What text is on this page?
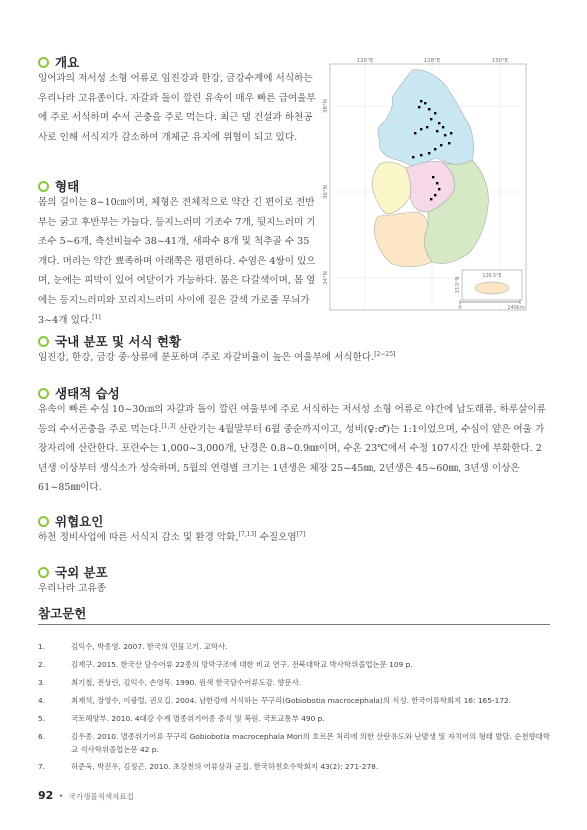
개요
잉어과의 저서성 소형 어류로 임진강과 한강, 금강수계에 서식하는 우리나라 고유종이다. 자갈과 돌이 깔린 유속이 매우 빠른 급여울부에 주로 서식하며 수서 곤충을 주로 먹는다. 최근 댐 건설과 하천공사로 인해 서식지가 감소하여 개체군 유지에 위협이 되고 있다.
형태
몸의 길이는 8~10㎝이며, 체형은 전체적으로 약간 긴 편이로 전반부는 굵고 후반부는 가늘다. 등지느러미 기조수 7개, 뒷지느러미 기조수 5~6개, 측선비늘수 38~41개, 새파수 8개 및 척추골 수 35개다. 머리는 약간 뾰족하며 아래쪽은 평편하다. 수염은 4쌍이 있으며, 눈에는 피막이 있어 여닫이가 가능하다. 몸은 다갈색이며, 몸 옆에는 등지느러미와 꼬리지느러미 사이에 짙은 갈색 가로줄 무늬가 3~4개 있다.[1]
126°E	128°E	130°E
38°N
36°N
34°N	126.5°E
33.5°N
0	140km
국내 분포 및 서식 현황
임진강, 한강, 금강 중·상류에 분포하며 주로 자갈비율이 높은 여울부에 서식한다.[2~25]
생태적 습성
유속이 빠른 수심 10~30㎝의 자갈과 돌이 깔린 여울부에 주로 서식하는 저서성 소형 어류로 야간에 납도래류, 하루살이류 등의 수서곤충을 주로 먹는다.[1,3] 산란기는 4월말부터 6월 중순까지이고, 성비(♀:♂)는 1:1이었으며, 수심이 얕은 여울 가장자리에 산란한다. 포란수는 1,000~3,000개, 난경은 0.8~0.9㎜이며, 수온 23℃에서 수정 107시간 만에 부화한다. 2년생 이상부터 생식소가 성숙하며, 5월의 연령별 크기는 1년생은 체장 25~45㎜, 2년생은 45~60㎜, 3년생 이상은 61~85㎜이다.
위협요인
하천 정비사업에 따른 서식지 감소 및 환경 악화,[7,13] 수질오염[7]
국외 분포
우리나라 고유종
참고문헌
1.	김익수, 박종영. 2007. 한국의 민물고기. 교학사.
2.	김재구. 2015. 한국산 담수어류 22종의 망막구조에 대한 비교 연구. 전북대학교 박사학위졸업논문 109 p.
3.	최기철, 전상린, 김익수, 손영목. 1990. 원색 한국담수어류도감. 향문사.
4.	최재석, 장영수, 이광렬, 권오길. 2004. 남한강에 서식하는 꾸구리(Gobiobotia macrocephala)의 식성. 한국어류학회지 16: 165-172.
5.	국토해양부. 2010. 4대강 수계 멸종위기어종 증식 및 복원. 국토교통부 490 p.
6.	김우종. 2010. 멸종위기어류 꾸구리 Gobiobotia macrocephala Mori의 호르몬 처리에 의한 산란유도와 난발생 및 자치어의 형태 발달. 순천향대학교 석사학위졸업논문 42 p.
7.	허준욱, 박진우, 김정곤. 2010. 초강천의 어류상과 군집. 한국하천호수학회지 43(2): 271-278.
92 • 국가생물적색자료집
